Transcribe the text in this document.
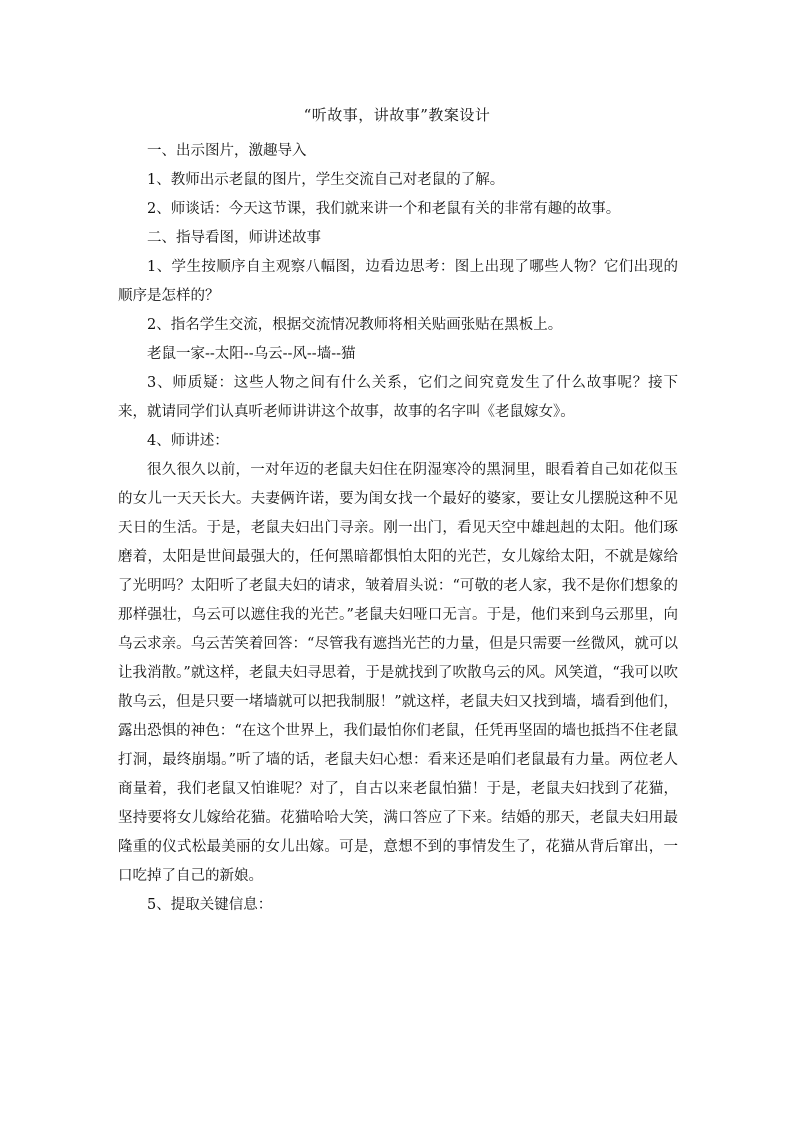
“听故事，讲故事”教案设计

一、出示图片，激趣导入

1、教师出示老鼠的图片，学生交流自己对老鼠的了解。

2、师谈话：今天这节课，我们就来讲一个和老鼠有关的非常有趣的故事。

二、指导看图，师讲述故事

1、学生按顺序自主观察八幅图，边看边思考：图上出现了哪些人物？它们出现的顺序是怎样的？

2、指名学生交流，根据交流情况教师将相关贴画张贴在黑板上。

老鼠一家--太阳--乌云--风--墙--猫

3、师质疑：这些人物之间有什么关系，它们之间究竟发生了什么故事呢？接下来，就请同学们认真听老师讲讲这个故事，故事的名字叫《老鼠嫁女》。

4、师讲述：

很久很久以前，一对年迈的老鼠夫妇住在阴湿寒冷的黑洞里，眼看着自己如花似玉的女儿一天天长大。夫妻俩许诺，要为闺女找一个最好的婆家，要让女儿摆脱这种不见天日的生活。于是，老鼠夫妇出门寻亲。刚一出门，看见天空中雄赳赳的太阳。他们琢磨着，太阳是世间最强大的，任何黑暗都惧怕太阳的光芒，女儿嫁给太阳，不就是嫁给了光明吗？太阳听了老鼠夫妇的请求，皱着眉头说：“可敬的老人家，我不是你们想象的那样强壮，乌云可以遮住我的光芒。”老鼠夫妇哑口无言。于是，他们来到乌云那里，向乌云求亲。乌云苦笑着回答：“尽管我有遮挡光芒的力量，但是只需要一丝微风，就可以让我消散。”就这样，老鼠夫妇寻思着，于是就找到了吹散乌云的风。风笑道，“我可以吹散乌云，但是只要一堵墙就可以把我制服！”就这样，老鼠夫妇又找到墙，墙看到他们，露出恐惧的神色：“在这个世界上，我们最怕你们老鼠，任凭再坚固的墙也抵挡不住老鼠打洞，最终崩塌。”听了墙的话，老鼠夫妇心想：看来还是咱们老鼠最有力量。两位老人商量着，我们老鼠又怕谁呢？对了，自古以来老鼠怕猫！于是，老鼠夫妇找到了花猫，坚持要将女儿嫁给花猫。花猫哈哈大笑，满口答应了下来。结婚的那天，老鼠夫妇用最隆重的仪式松最美丽的女儿出嫁。可是，意想不到的事情发生了，花猫从背后窜出，一口吃掉了自己的新娘。

5、提取关键信息：
